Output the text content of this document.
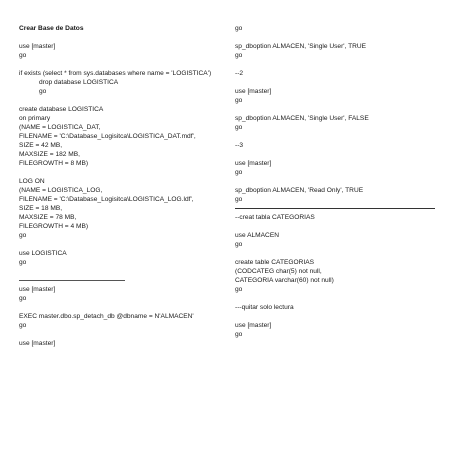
Crear Base de Datos
use [master]
go
if exists (select * from sys.databases where name = 'LOGISTICA')
drop database LOGISTICA
go
create database LOGISTICA
on primary
(NAME = LOGISTICA_DAT,
FILENAME = 'C:\Database_Logisitca\LOGISTICA_DAT.mdf',
SIZE = 42 MB,
MAXSIZE = 182 MB,
FILEGROWTH = 8 MB)
LOG ON
(NAME = LOGISTICA_LOG,
FILENAME = 'C:\Database_Logisitca\LOGISTICA_LOG.ldf',
SIZE = 18 MB,
MAXSIZE = 78 MB,
FILEGROWTH = 4 MB)
go
use LOGISTICA
go
use [master]
go
EXEC master.dbo.sp_detach_db @dbname = N'ALMACEN'
go
use [master]
go
sp_dboption ALMACEN, 'Single User', TRUE
go
--2
use [master]
go
sp_dboption ALMACEN, 'Single User', FALSE
go
--3
use [master]
go
sp_dboption ALMACEN, 'Read Only', TRUE
go
--creat tabla CATEGORIAS
use ALMACEN
go
create table CATEGORIAS
(CODCATEG char(5) not null,
CATEGORIA varchar(60) not null)
go
---quitar solo lectura
use [master]
go
